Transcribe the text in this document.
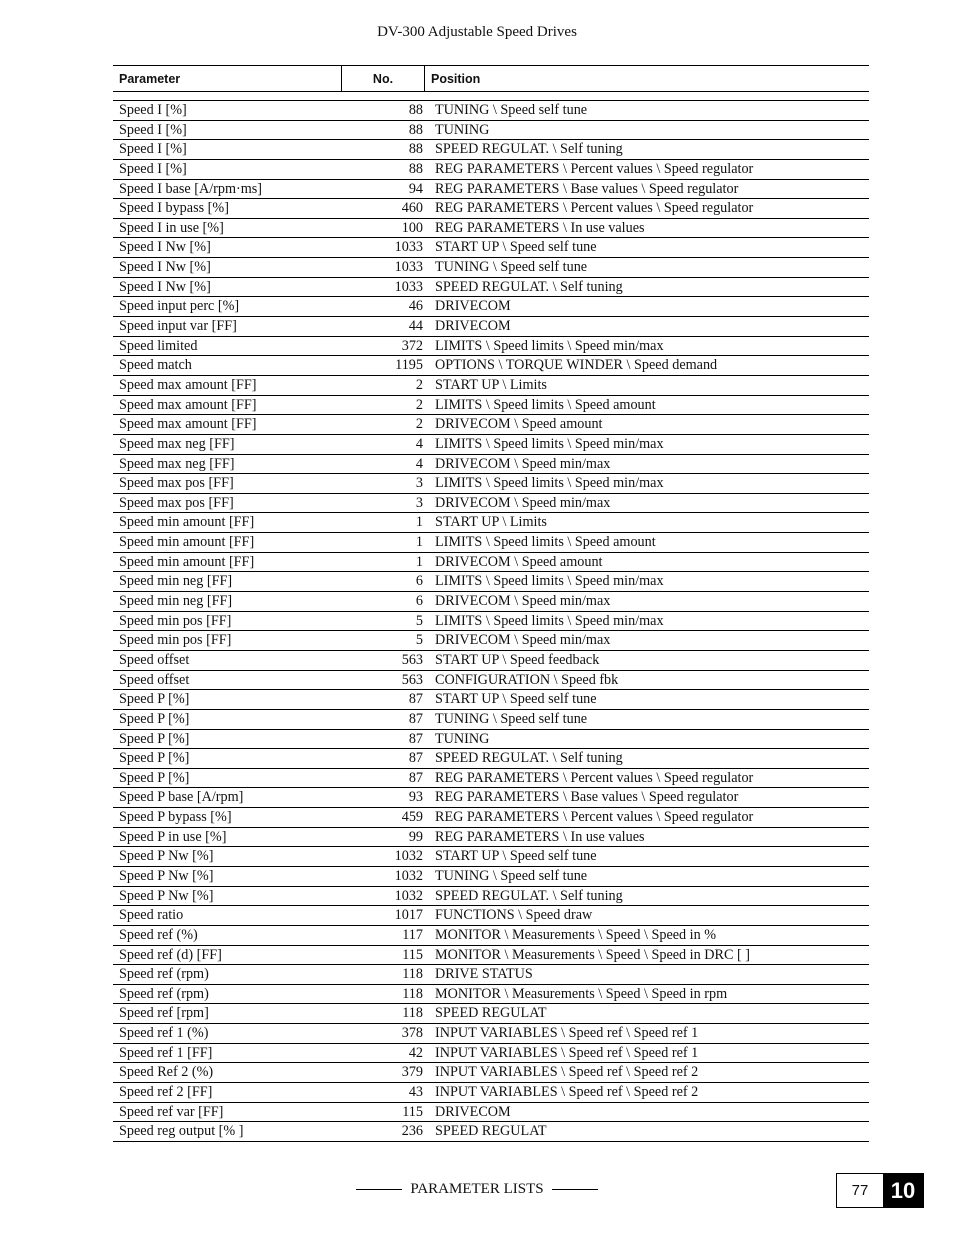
DV-300 Adjustable Speed Drives
Parameter	No.	Position
Speed I [%]	88 TUNING \ Speed self tune
Speed I [%]	88 TUNING
Speed I [%]	88 SPEED REGULAT. \ Self tuning
Speed I [%]	88 REG PARAMETERS \ Percent values \ Speed regulator
Speed I base [A/rpm·ms]	94 REG PARAMETERS \ Base values \ Speed regulator
Speed I bypass [%]	460 REG PARAMETERS \ Percent values \ Speed regulator
Speed I in use [%]	100 REG PARAMETERS \ In use values
Speed I Nw [%]	1033 START UP \ Speed self tune
Speed I Nw [%]	1033 TUNING \ Speed self tune
Speed I Nw [%]	1033 SPEED REGULAT. \ Self tuning
Speed input perc [%]	46 DRIVECOM
Speed input var [FF]	44 DRIVECOM
Speed limited	372 LIMITS \ Speed limits \ Speed min/max
Speed match	1195 OPTIONS \ TORQUE WINDER \ Speed demand
Speed max amount [FF]	2 START UP \ Limits
Speed max amount [FF]	2 LIMITS \ Speed limits \ Speed amount
Speed max amount [FF]	2 DRIVECOM \ Speed amount
Speed max neg [FF]	4 LIMITS \ Speed limits \ Speed min/max
Speed max neg [FF]	4 DRIVECOM \ Speed min/max
Speed max pos [FF]	3 LIMITS \ Speed limits \ Speed min/max
Speed max pos [FF]	3 DRIVECOM \ Speed min/max
Speed min amount [FF]	1 START UP \ Limits
Speed min amount [FF]	1 LIMITS \ Speed limits \ Speed amount
Speed min amount [FF]	1 DRIVECOM \ Speed amount
Speed min neg [FF]	6 LIMITS \ Speed limits \ Speed min/max
Speed min neg [FF]	6 DRIVECOM \ Speed min/max
Speed min pos [FF]	5 LIMITS \ Speed limits \ Speed min/max
Speed min pos [FF]	5 DRIVECOM \ Speed min/max
Speed offset	563 START UP \ Speed feedback
Speed offset	563 CONFIGURATION \ Speed fbk
Speed P [%]	87 START UP \ Speed self tune
Speed P [%]	87 TUNING \ Speed self tune
Speed P [%]	87 TUNING
Speed P [%]	87 SPEED REGULAT. \ Self tuning
Speed P [%]	87 REG PARAMETERS \ Percent values \ Speed regulator
Speed P base [A/rpm]	93 REG PARAMETERS \ Base values \ Speed regulator
Speed P bypass [%]	459 REG PARAMETERS \ Percent values \ Speed regulator
Speed P in use [%]	99 REG PARAMETERS \ In use values
Speed P Nw [%]	1032 START UP \ Speed self tune
Speed P Nw [%]	1032 TUNING \ Speed self tune
Speed P Nw [%]	1032 SPEED REGULAT. \ Self tuning
Speed ratio	1017 FUNCTIONS \ Speed draw
Speed ref (%)	117 MONITOR \ Measurements \ Speed \ Speed in %
Speed ref (d) [FF]	115 MONITOR \ Measurements \ Speed \ Speed in DRC [ ]
Speed ref (rpm)	118 DRIVE STATUS
Speed ref (rpm)	118 MONITOR \ Measurements \ Speed \ Speed in rpm
Speed ref [rpm]	118 SPEED REGULAT
Speed ref 1 (%)	378 INPUT VARIABLES \ Speed ref \ Speed ref 1
Speed ref 1 [FF]	42 INPUT VARIABLES \ Speed ref \ Speed ref 1
Speed Ref 2 (%)	379 INPUT VARIABLES \ Speed ref \ Speed ref 2
Speed ref 2 [FF]	43 INPUT VARIABLES \ Speed ref \ Speed ref 2
Speed ref var [FF]	115 DRIVECOM
Speed reg output [% ]	236 SPEED REGULAT
PARAMETER LISTS	77	10
